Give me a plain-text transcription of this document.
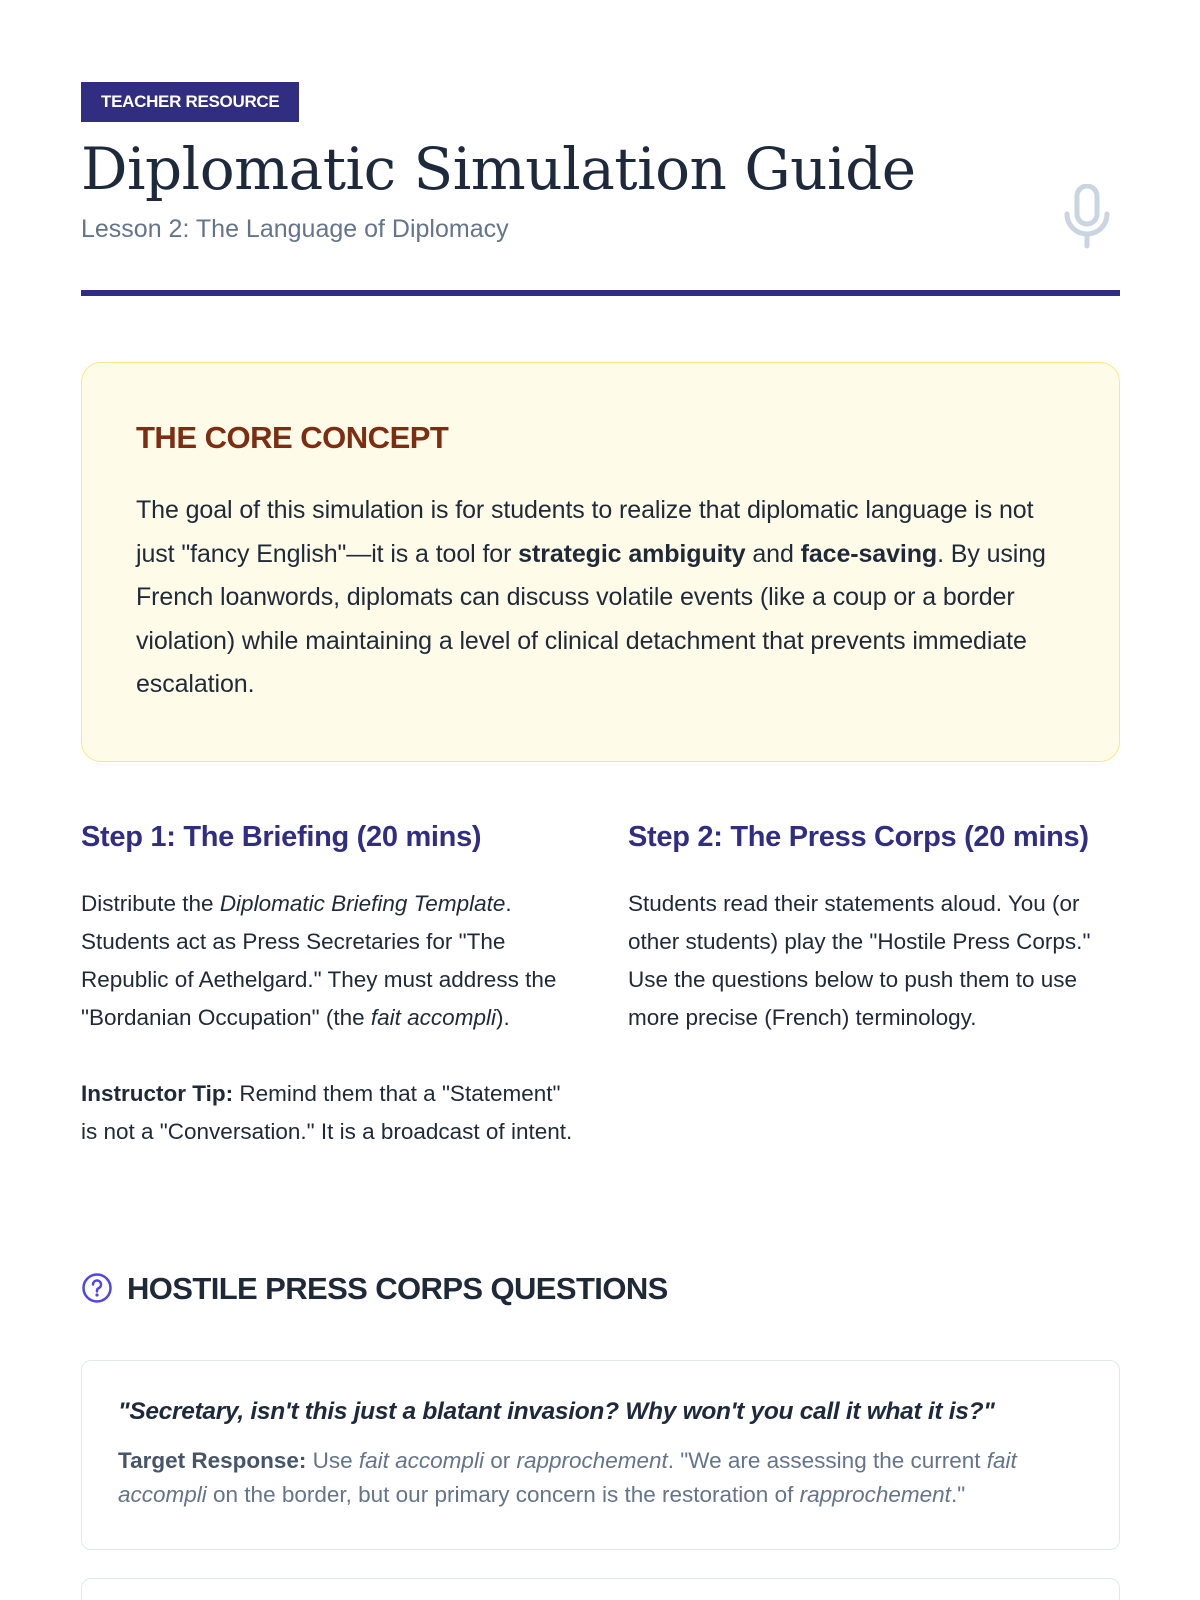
TEACHER RESOURCE
Diplomatic Simulation Guide
Lesson 2: The Language of Diplomacy
THE CORE CONCEPT

The goal of this simulation is for students to realize that diplomatic language is not just "fancy English"—it is a tool for strategic ambiguity and face-saving. By using French loanwords, diplomats can discuss volatile events (like a coup or a border violation) while maintaining a level of clinical detachment that prevents immediate escalation.

Step 1: The Briefing (20 mins)

Distribute the Diplomatic Briefing Template. Students act as Press Secretaries for "The Republic of Aethelgard." They must address the "Bordanian Occupation" (the fait accompli).

Instructor Tip: Remind them that a "Statement" is not a "Conversation." It is a broadcast of intent.

Step 2: The Press Corps (20 mins)

Students read their statements aloud. You (or other students) play the "Hostile Press Corps." Use the questions below to push them to use more precise (French) terminology.

HOSTILE PRESS CORPS QUESTIONS
"Secretary, isn't this just a blatant invasion? Why won't you call it what it is?"
Target Response: Use fait accompli or rapprochement. "We are assessing the current fait accompli on the border, but our primary concern is the restoration of rapprochement."
